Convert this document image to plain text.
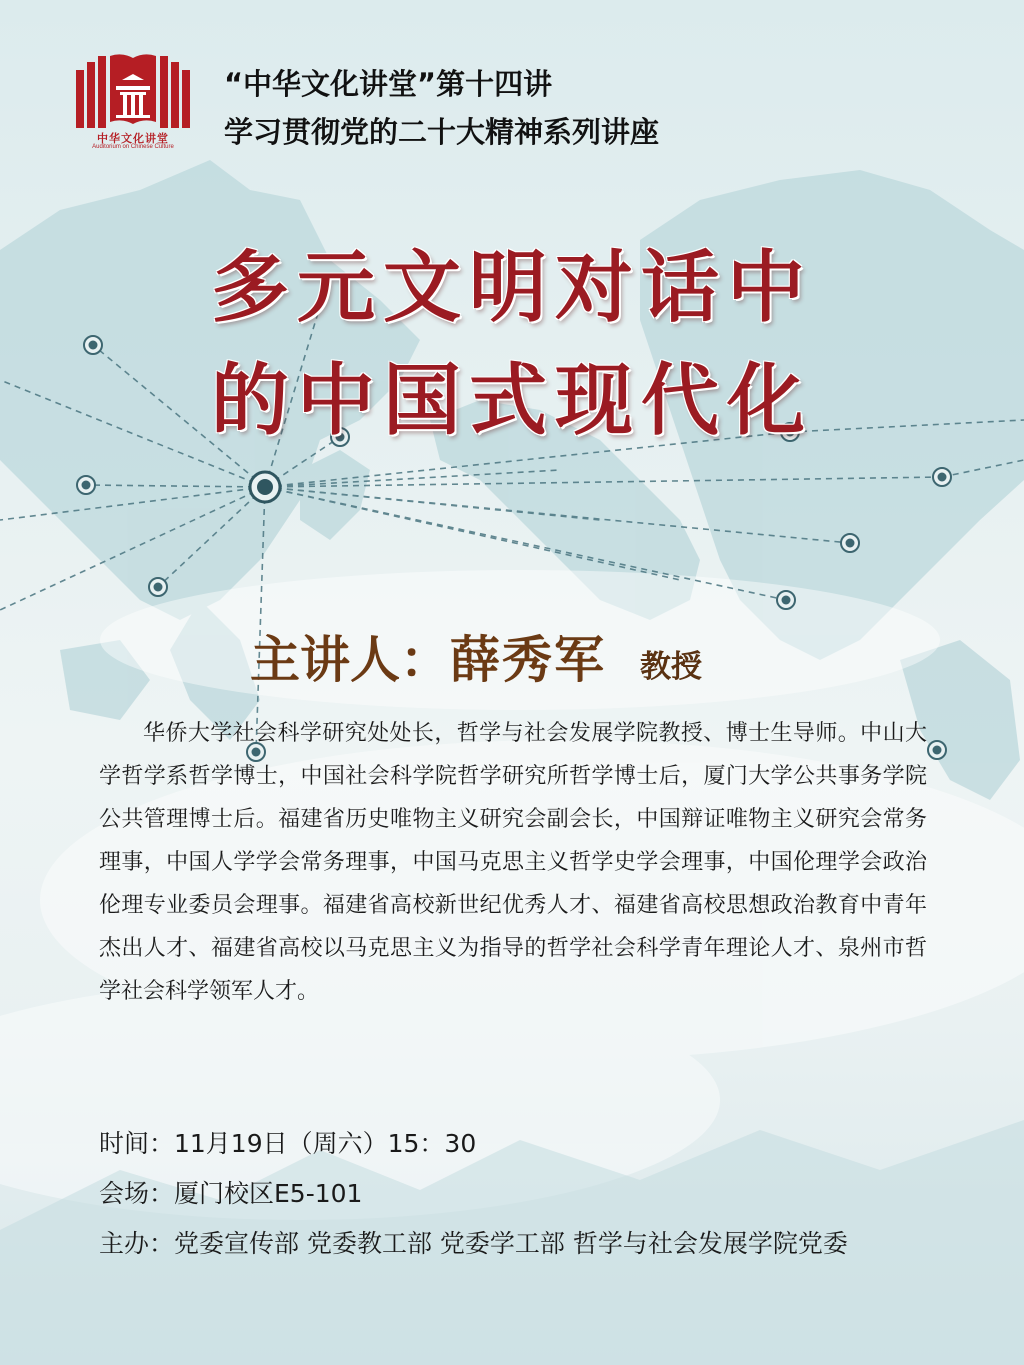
中华文化讲堂
Auditorium on Chinese Culture
“中华文化讲堂”第十四讲
学习贯彻党的二十大精神系列讲座
多元文明对话中
的中国式现代化
主讲人：薛秀军 教授

华侨大学社会科学研究处处长，哲学与社会发展学院教授、博士生导师。中山大学哲学系哲学博士，中国社会科学院哲学研究所哲学博士后，厦门大学公共事务学院公共管理博士后。福建省历史唯物主义研究会副会长，中国辩证唯物主义研究会常务理事，中国人学学会常务理事，中国马克思主义哲学史学会理事，中国伦理学会政治伦理专业委员会理事。福建省高校新世纪优秀人才、福建省高校思想政治教育中青年杰出人才、福建省高校以马克思主义为指导的哲学社会科学青年理论人才、泉州市哲学社会科学领军人才。

时间：11月19日（周六）15：30
会场：厦门校区E5-101
主办：党委宣传部 党委教工部 党委学工部 哲学与社会发展学院党委
